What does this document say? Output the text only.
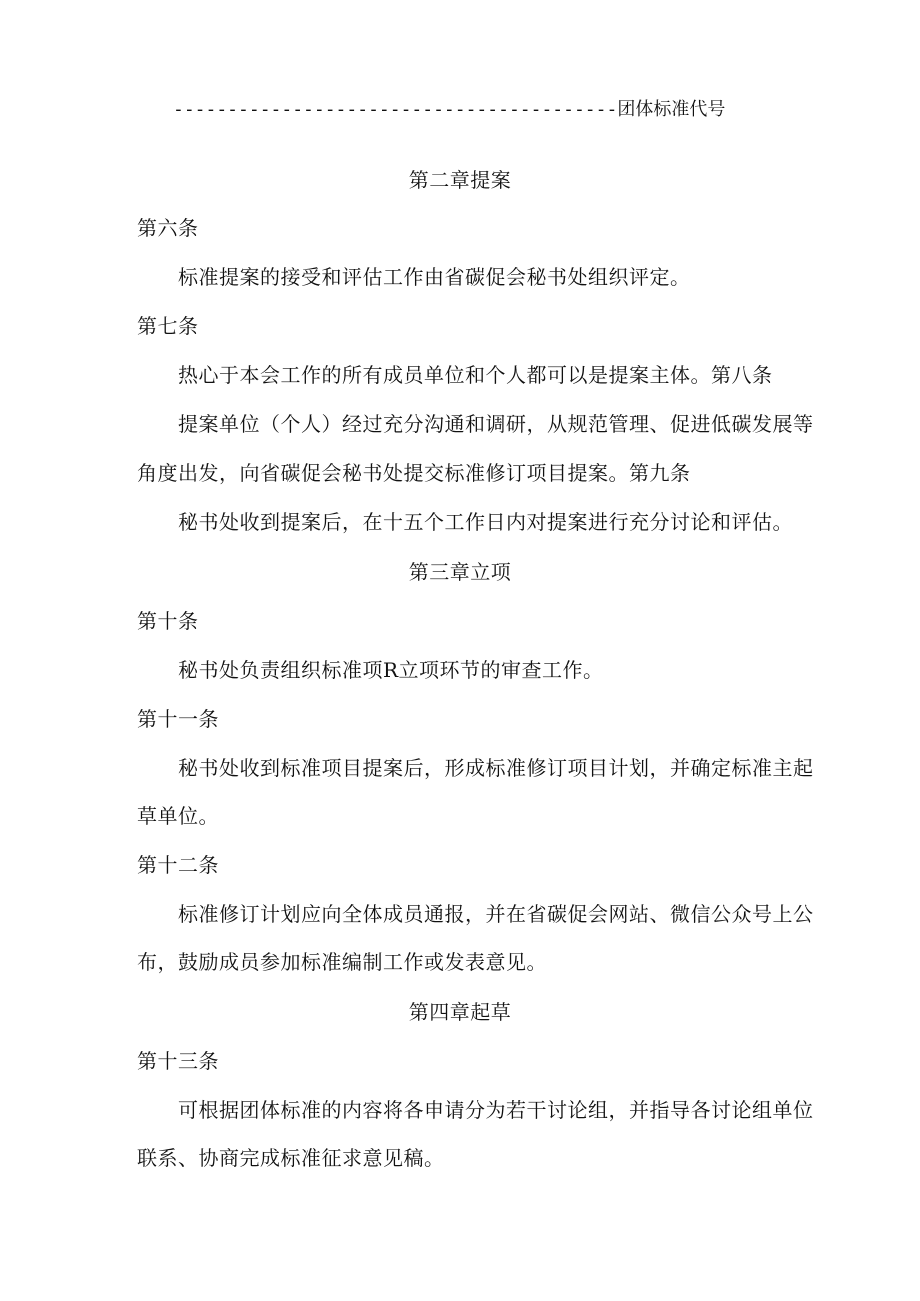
-----------------------------------------团体标准代号
第二章提案
第六条
标准提案的接受和评估工作由省碳促会秘书处组织评定。
第七条
热心于本会工作的所有成员单位和个人都可以是提案主体。第八条
提案单位（个人）经过充分沟通和调研，从规范管理、促进低碳发展等
角度出发，向省碳促会秘书处提交标准修订项目提案。第九条
秘书处收到提案后，在十五个工作日内对提案进行充分讨论和评估。
第三章立项
第十条
秘书处负责组织标准项R立项环节的审查工作。
第十一条
秘书处收到标准项目提案后，形成标准修订项目计划，并确定标准主起
草单位。
第十二条
标准修订计划应向全体成员通报，并在省碳促会网站、微信公众号上公
布，鼓励成员参加标准编制工作或发表意见。
第四章起草
第十三条
可根据团体标准的内容将各申请分为若干讨论组，并指导各讨论组单位
联系、协商完成标准征求意见稿。
